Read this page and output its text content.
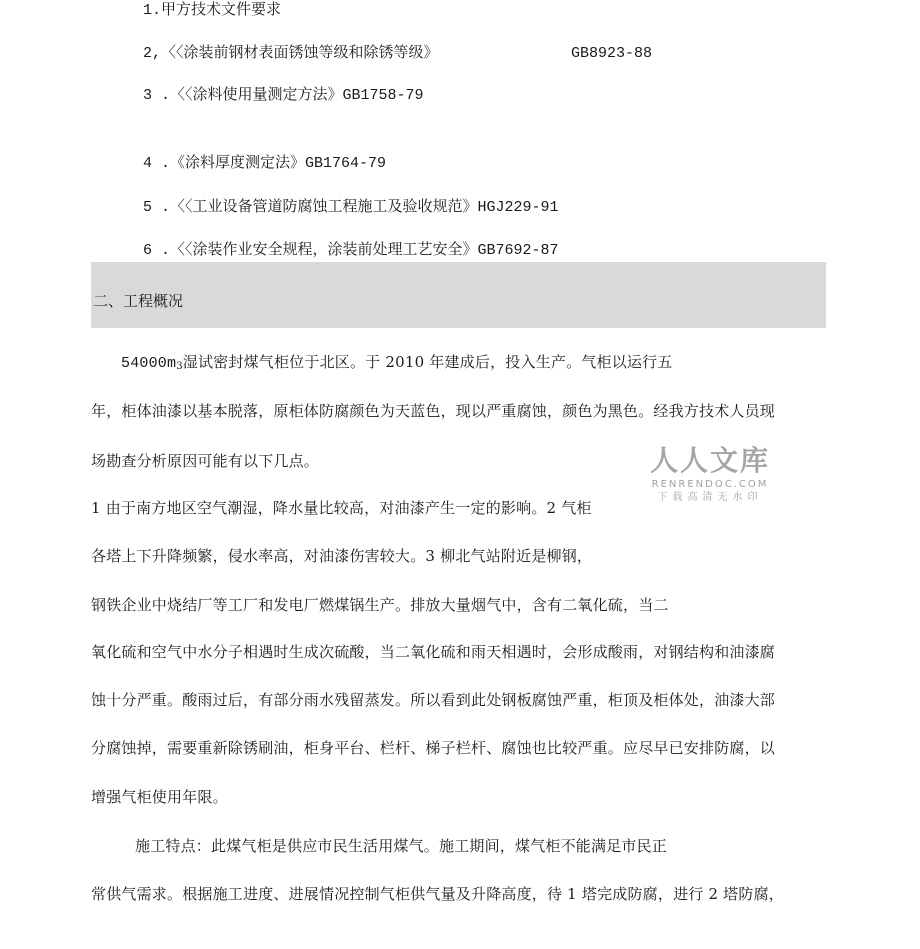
1.甲方技术文件要求
2,〈〈涂装前钢材表面锈蚀等级和除锈等级》	GB8923-88
3 .〈〈涂料使用量测定方法》GB1758-79
4 .《涂料厚度测定法》GB1764-79
5 .〈〈工业设备管道防腐蚀工程施工及验收规范》HGJ229-91
6 .〈〈涂装作业安全规程，涂装前处理工艺安全》GB7692-87
二、工程概况
$54000m_3$湿试密封煤气柜位于北区。于 2010 年建成后，投入生产。气柜以运行五
年，柜体油漆以基本脱落，原柜体防腐颜色为天蓝色，现以严重腐蚀，颜色为黑色。经我方技术人员现
场勘查分析原因可能有以下几点。
1 由于南方地区空气潮湿，降水量比较高，对油漆产生一定的影响。2 气柜
各塔上下升降频繁，侵水率高，对油漆伤害较大。3 柳北气站附近是柳钢，
钢铁企业中烧结厂等工厂和发电厂燃煤锅生产。排放大量烟气中，含有二氧化硫，当二
氧化硫和空气中水分子相遇时生成次硫酸，当二氧化硫和雨天相遇时，会形成酸雨，对钢结构和油漆腐
蚀十分严重。酸雨过后，有部分雨水残留蒸发。所以看到此处钢板腐蚀严重，柜顶及柜体处，油漆大部
分腐蚀掉，需要重新除锈刷油，柜身平台、栏杆、梯子栏杆、腐蚀也比较严重。应尽早已安排防腐，以
增强气柜使用年限。
施工特点：此煤气柜是供应市民生活用煤气。施工期间，煤气柜不能满足市民正
常供气需求。根据施工进度、进展情况控制气柜供气量及升降高度，待 1 塔完成防腐，进行 2 塔防腐，
人人文库
RENRENDOC.COM
下载高清无水印
